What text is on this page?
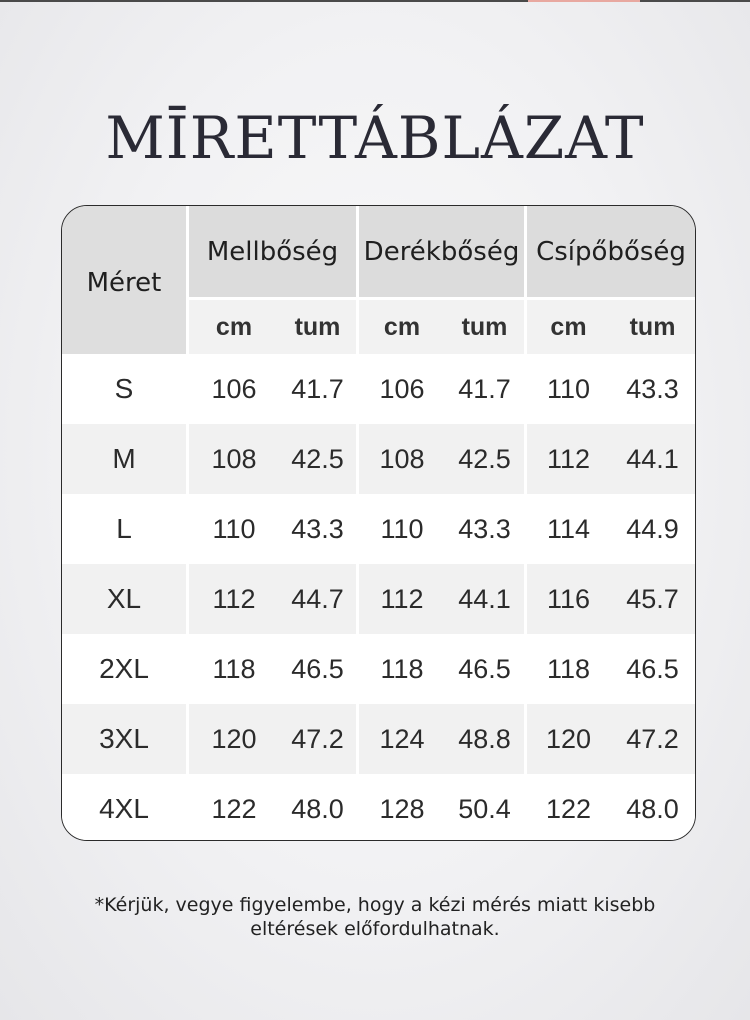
MĪRETTÁBLÁZAT
Méret	Mellbőség		Derékbőség		Csípőbőség	
	cm	tum	cm	tum	cm	tum
S	106	41.7	106	41.7	110	43.3
M	108	42.5	108	42.5	112	44.1
L	110	43.3	110	43.3	114	44.9
XL	112	44.7	112	44.1	116	45.7
2XL	118	46.5	118	46.5	118	46.5
3XL	120	47.2	124	48.8	120	47.2
4XL	122	48.0	128	50.4	122	48.0
*Kérjük, vegye figyelembe, hogy a kézi mérés miatt kisebb
eltérések előfordulhatnak.
